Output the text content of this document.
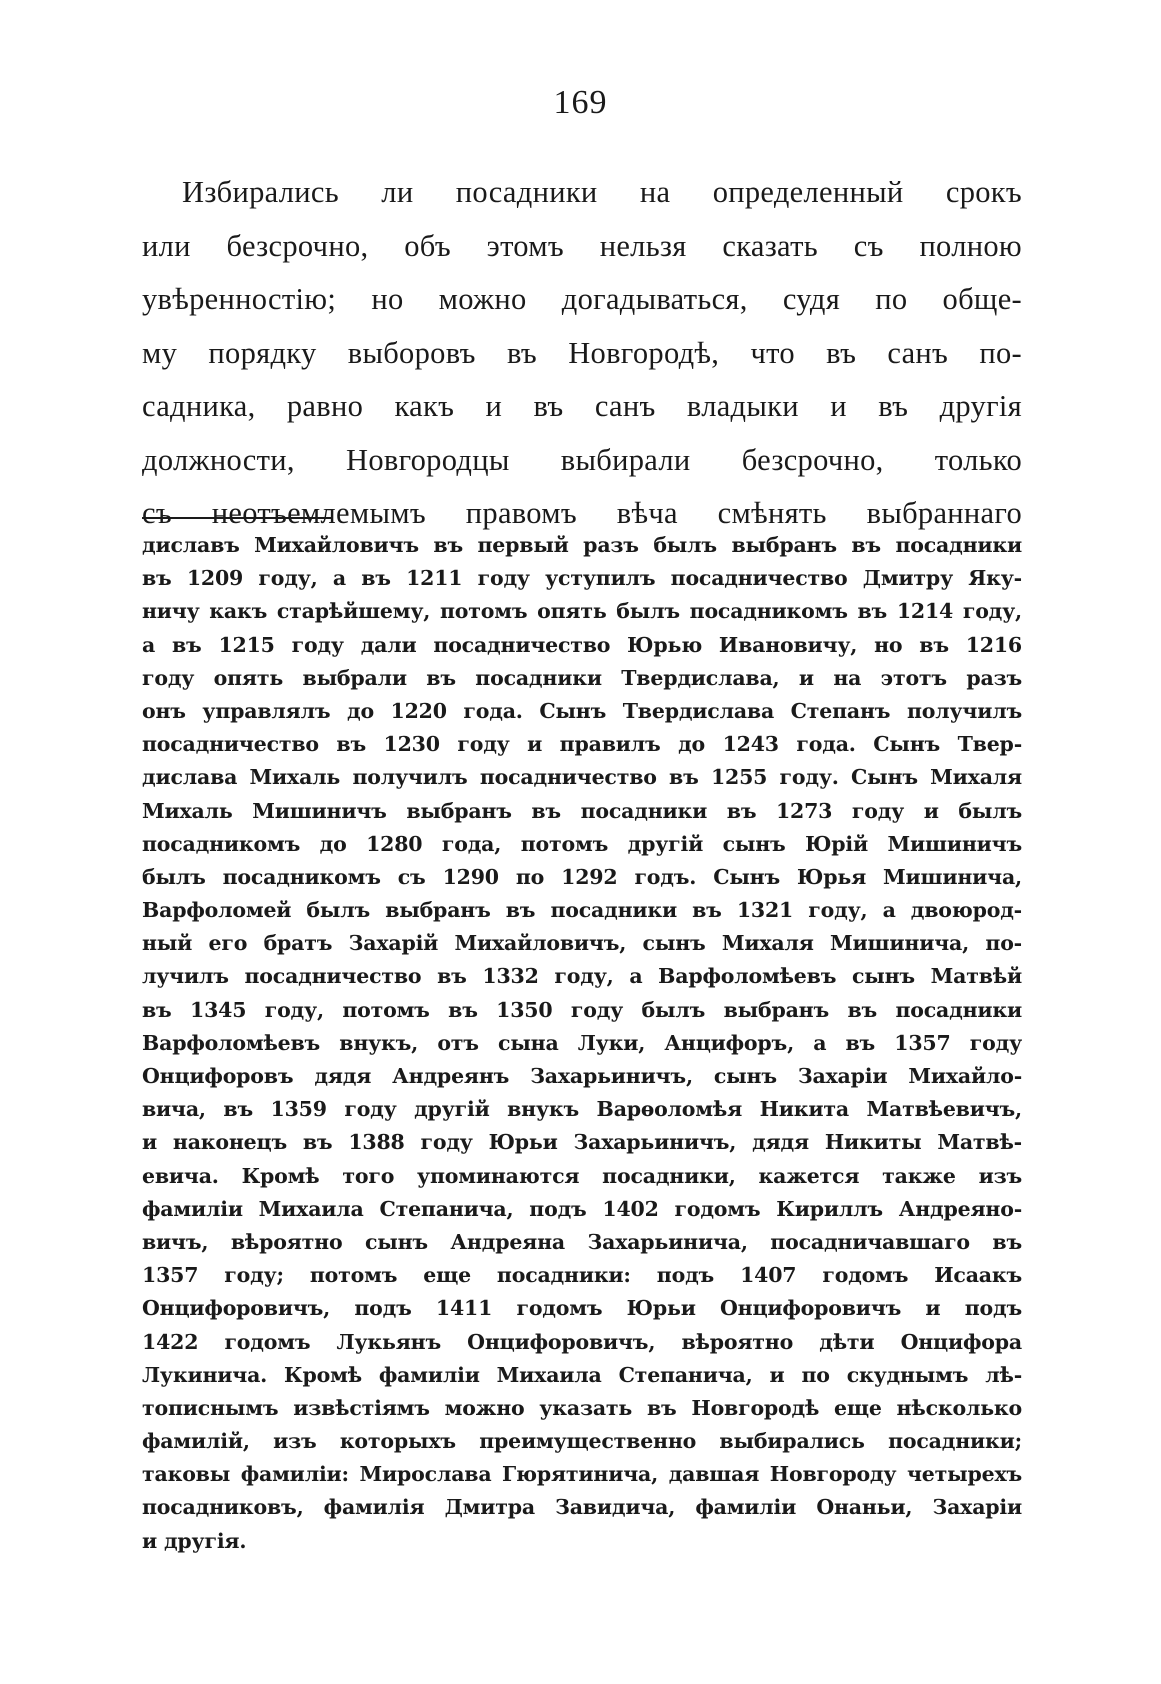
169
Избирались ли посадники на определенный срокъ
или безсрочно, объ этомъ нельзя сказать съ полною
увѣренностію; но можно догадываться, судя по обще-
му порядку выборовъ въ Новгородѣ, что въ санъ по-
садника, равно какъ и въ санъ владыки и въ другія
должности, Новгородцы выбирали безсрочно, только
съ неотъемлемымъ правомъ вѣча смѣнять выбраннаго
диславъ Михайловичъ въ первый разъ былъ выбранъ въ посадники
въ 1209 году, а въ 1211 году уступилъ посадничество Дмитру Яку-
ничу какъ старѣйшему, потомъ опять былъ посадникомъ въ 1214 году,
а въ 1215 году дали посадничество Юрью Ивановичу, но въ 1216
году опять выбрали въ посадники Твердислава, и на этотъ разъ
онъ управлялъ до 1220 года. Сынъ Твердислава Степанъ получилъ
посадничество въ 1230 году и правилъ до 1243 года. Сынъ Твер-
дислава Михаль получилъ посадничество въ 1255 году. Сынъ Михаля
Михаль Мишиничъ выбранъ въ посадники въ 1273 году и былъ
посадникомъ до 1280 года, потомъ другій сынъ Юрій Мишиничъ
былъ посадникомъ съ 1290 по 1292 годъ. Сынъ Юрья Мишинича,
Варфоломей былъ выбранъ въ посадники въ 1321 году, а двоюрод-
ный его братъ Захарій Михайловичъ, сынъ Михаля Мишинича, по-
лучилъ посадничество въ 1332 году, а Варфоломѣевъ сынъ Матвѣй
въ 1345 году, потомъ въ 1350 году былъ выбранъ въ посадники
Варфоломѣевъ внукъ, отъ сына Луки, Анцифоръ, а въ 1357 году
Онцифоровъ дядя Андреянъ Захарьиничъ, сынъ Захаріи Михайло-
вича, въ 1359 году другій внукъ Варѳоломѣя Никита Матвѣевичъ,
и наконецъ въ 1388 году Юрьи Захарьиничъ, дядя Никиты Матвѣ-
евича. Кромѣ того упоминаются посадники, кажется также изъ
фамиліи Михаила Степанича, подъ 1402 годомъ Кириллъ Андреяно-
вичъ, вѣроятно сынъ Андреяна Захарьинича, посадничавшаго въ
1357 году; потомъ еще посадники: подъ 1407 годомъ Исаакъ
Онцифоровичъ, подъ 1411 годомъ Юрьи Онцифоровичъ и подъ
1422 годомъ Лукьянъ Онцифоровичъ, вѣроятно дѣти Онцифора
Лукинича. Кромѣ фамиліи Михаила Степанича, и по скуднымъ лѣ-
тописнымъ извѣстіямъ можно указать въ Новгородѣ еще нѣсколько
фамилій, изъ которыхъ преимущественно выбирались посадники;
таковы фамиліи: Мирослава Гюрятинича, давшая Новгороду четырехъ
посадниковъ, фамилія Дмитра Завидича, фамиліи Онаньи, Захаріи
и другія.
